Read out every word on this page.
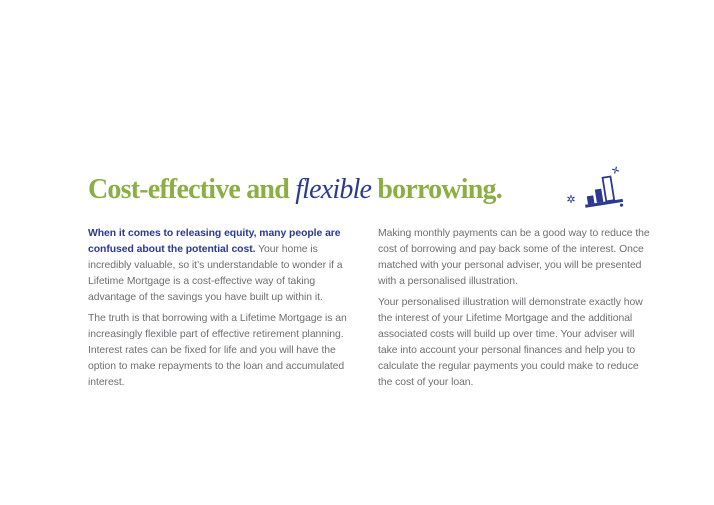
Cost-effective and flexible borrowing.

When it comes to releasing equity, many people are confused about the potential cost. Your home is incredibly valuable, so it’s understandable to wonder if a Lifetime Mortgage is a cost-effective way of taking advantage of the savings you have built up within it.

The truth is that borrowing with a Lifetime Mortgage is an increasingly flexible part of effective retirement planning. Interest rates can be fixed for life and you will have the option to make repayments to the loan and accumulated interest.

Making monthly payments can be a good way to reduce the cost of borrowing and pay back some of the interest. Once matched with your personal adviser, you will be presented with a personalised illustration.

Your personalised illustration will demonstrate exactly how the interest of your Lifetime Mortgage and the additional associated costs will build up over time. Your adviser will take into account your personal finances and help you to calculate the regular payments you could make to reduce the cost of your loan.
